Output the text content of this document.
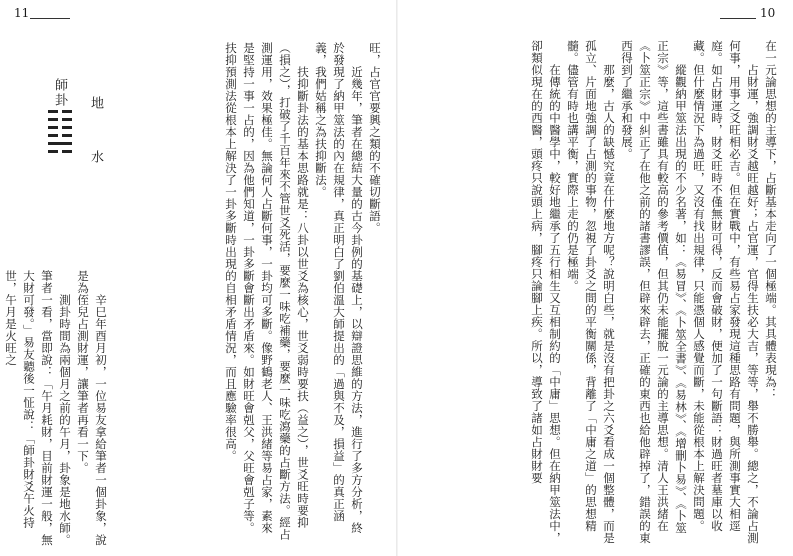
11	10
在一元論思想的主導下，占斷基本走向了一個極端。其具體表現為：
　　占財運，強調財爻越旺越好；占官運，官得生扶必大吉，等等，舉不勝舉。總之，不論占測何事，用事之爻旺相必吉。但在實戰中，有些易占家發現這種思路有問題，與所測事實大相逕庭。如占財運時，財爻旺時不僅無財可得，反而會破財，便加了一句斷語：財過旺者墓庫以收藏。但什麼情況下為過旺，又沒有找出規律，只能憑個人感覺而斷，未能從根本上解決問題。
　　縱觀納甲筮法出現的不少名著，如：《易冒》、《卜筮全書》、《易林》、《增刪卜易》、《卜筮正宗》等，這些書雖具有較高的參考價值，但其仍未能擺脫一元論的主導思想。清人王洪緒在《卜筮正宗》中糾正了在他之前的諸書謬誤，但辟來辟去，正確的東西也給他辟掉了，錯誤的東西得到了繼承和發展。
　　那麼，古人的缺憾究竟在什麼地方呢？說明白些，就是沒有把卦之六爻看成一個整體，而是孤立、片面地強調了占測的事物，忽視了卦爻之間的平衡關係，背離了「中庸之道」的思想精髓。儘管有時也講平衡，實際上走的仍是極端。
　　在傳統的中醫學中，較好地繼承了五行相生又互相制約的「中庸」思想。但在納甲筮法中，卻類似現在的西醫，頭疼只說頭上病，腳疼只論腳上疾。所以，導致了諸如占財財要
旺，占官官要興之類的不確切斷語。
　　近幾年，筆者在總結大量的古今卦例的基礎上，以辯證思維的方法，進行了多方分析，終於發現了納甲筮法的內在規律，真正明白了劉伯溫大師提出的「過與不及，損益」的真正涵義，我們姑稱之為扶抑斷法。
　　扶抑斷卦法的基本思路就是：八卦以世爻為核心，世爻弱時要扶（益之），世爻旺時要抑（損之），打破了千百年來不管世爻死活，要麼一味吃補藥，要麼一味吃瀉藥的占斷方法。經占測運用，效果極佳。無論何人占斷何事，一卦均可多斷。像野鶴老人、王洪緒等易占家，素來是堅持一事一占的，因為他們知道，一卦多斷會斷出矛盾來。如財旺會剋父，父旺會剋子等。扶抑預測法從根本上解決了一卦多斷時出現的自相矛盾情況，而且應驗率很高。
　　辛巳年酉月初，一位易友拿給筆者一個卦象，說是為侄兒占測財運，讓筆者再看一下。
　　測卦時間為兩個月之前的午月，卦象是地水師。筆者一看，當即說：「午月耗財，目前財運一般，無大財可發。」易友聽後一怔說：「師卦財爻午火持世，午月是火旺之
師卦
地　水
